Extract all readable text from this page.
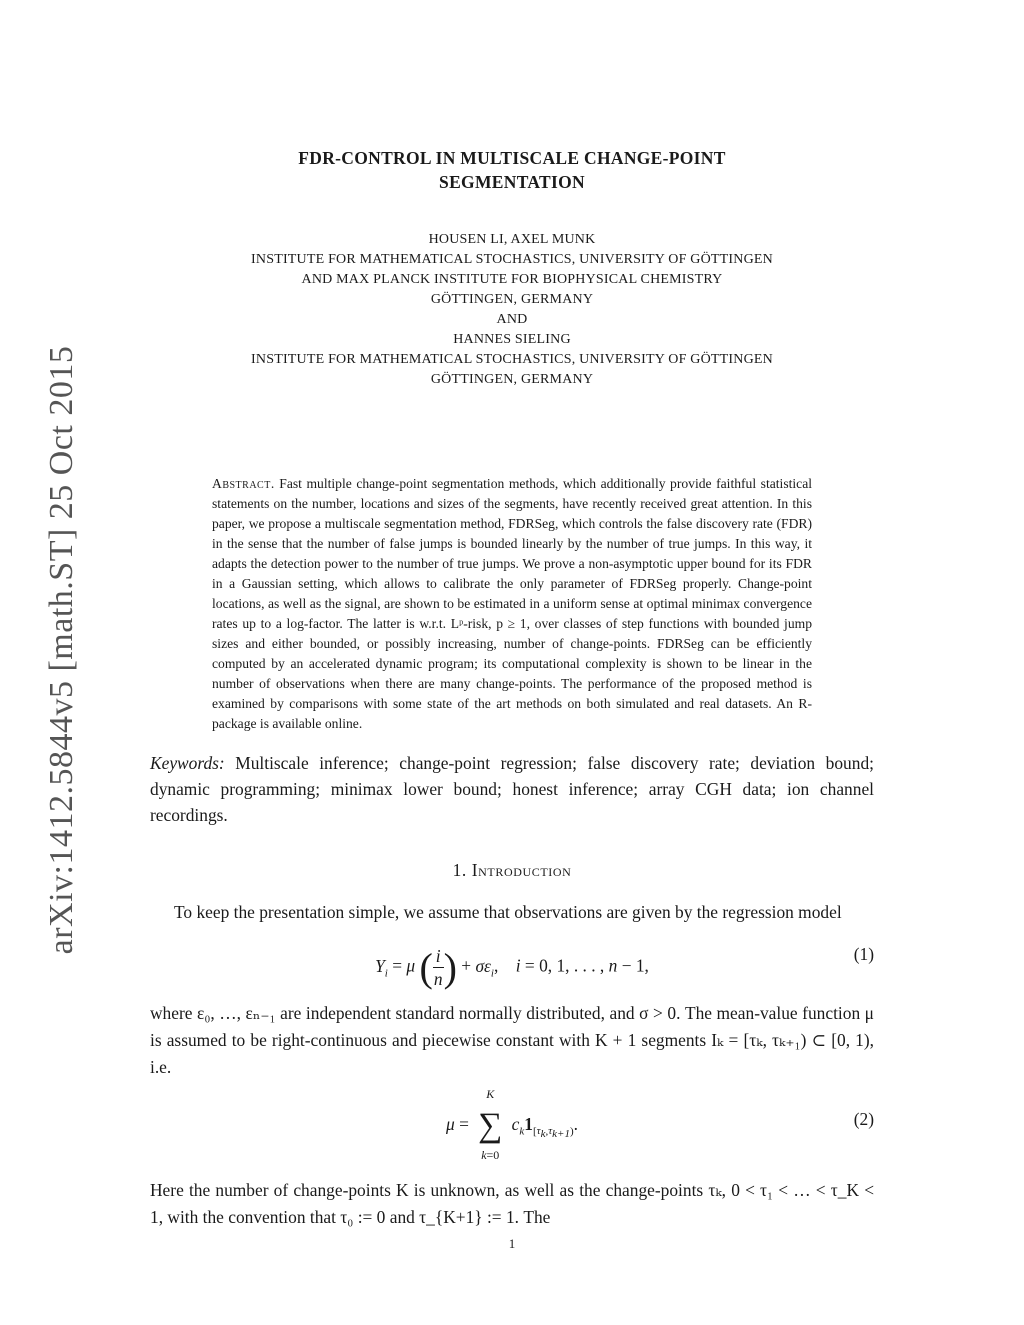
arXiv:1412.5844v5 [math.ST] 25 Oct 2015
FDR-CONTROL IN MULTISCALE CHANGE-POINT
SEGMENTATION
HOUSEN LI, AXEL MUNK
INSTITUTE FOR MATHEMATICAL STOCHASTICS, UNIVERSITY OF GÖTTINGEN
AND MAX PLANCK INSTITUTE FOR BIOPHYSICAL CHEMISTRY
GÖTTINGEN, GERMANY
AND
HANNES SIELING
INSTITUTE FOR MATHEMATICAL STOCHASTICS, UNIVERSITY OF GÖTTINGEN
GÖTTINGEN, GERMANY
Abstract. Fast multiple change-point segmentation methods, which additionally provide faithful statistical statements on the number, locations and sizes of the segments, have recently received great attention. In this paper, we propose a multiscale segmentation method, FDRSeg, which controls the false discovery rate (FDR) in the sense that the number of false jumps is bounded linearly by the number of true jumps. In this way, it adapts the detection power to the number of true jumps. We prove a non-asymptotic upper bound for its FDR in a Gaussian setting, which allows to calibrate the only parameter of FDRSeg properly. Change-point locations, as well as the signal, are shown to be estimated in a uniform sense at optimal minimax convergence rates up to a log-factor. The latter is w.r.t. Lᵖ-risk, p ≥ 1, over classes of step functions with bounded jump sizes and either bounded, or possibly increasing, number of change-points. FDRSeg can be efficiently computed by an accelerated dynamic program; its computational complexity is shown to be linear in the number of observations when there are many change-points. The performance of the proposed method is examined by comparisons with some state of the art methods on both simulated and real datasets. An R-package is available online.
Keywords: Multiscale inference; change-point regression; false discovery rate; deviation bound; dynamic programming; minimax lower bound; honest inference; array CGH data; ion channel recordings.
1. Introduction
To keep the presentation simple, we assume that observations are given by the regression model
$Y_i = \mu$ ( $\frac{i}{n}$ ) + $\sigma\varepsilon_i$,    i = 0, 1, . . . , n − 1,
(1)
where ε₀, …, εₙ₋₁ are independent standard normally distributed, and σ > 0. The mean-value function μ is assumed to be right-continuous and piecewise constant with K + 1 segments Iₖ = [τₖ, τₖ₊₁) ⊂ [0, 1), i.e.
μ =
K
∑
k=0
$c_k1_{[\tau_k,\tau_{k+1})}$.	(2)
Here the number of change-points K is unknown, as well as the change-points τₖ, 0 < τ₁ < … < τ_K < 1, with the convention that τ₀ := 0 and τ_{K+1} := 1. The
1
